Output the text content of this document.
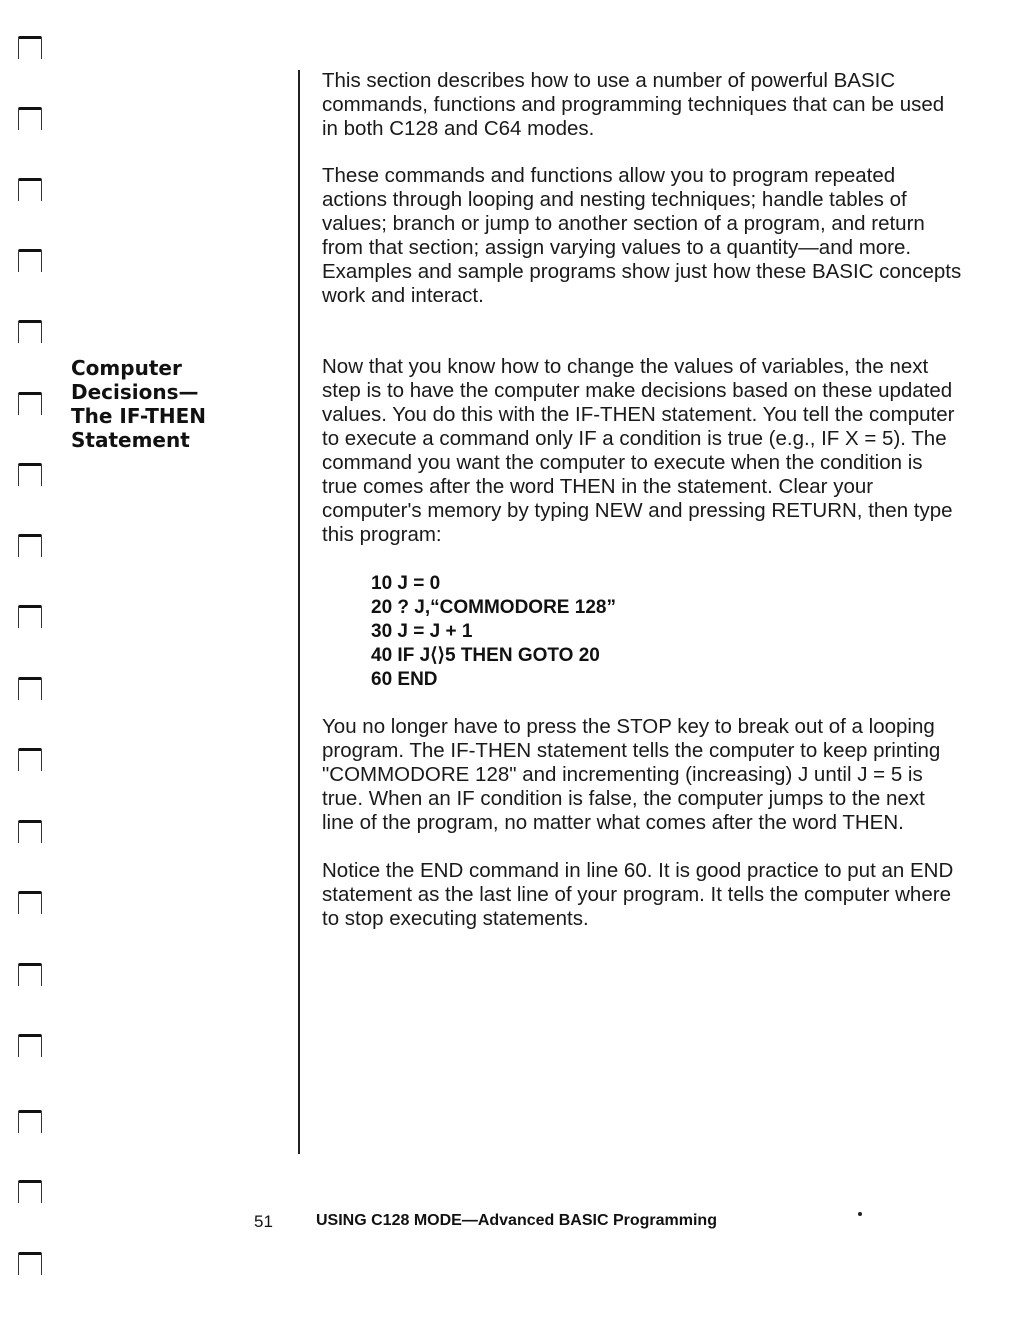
Computer
Decisions—
The IF-THEN
Statement

This section describes how to use a number of powerful BASIC commands, functions and programming techniques that can be used in both C128 and C64 modes.

These commands and functions allow you to program repeated actions through looping and nesting techniques; handle tables of values; branch or jump to another section of a program, and return from that section; assign varying values to a quantity—and more. Examples and sample programs show just how these BASIC concepts work and interact.

Now that you know how to change the values of variables, the next step is to have the computer make decisions based on these updated values. You do this with the IF-THEN statement. You tell the computer to execute a command only IF a condition is true (e.g., IF X = 5). The command you want the computer to execute when the condition is true comes after the word THEN in the statement. Clear your computer's memory by typing NEW and pressing RETURN, then type this program:

10 J = 0
20 ? J,“COMMODORE 128”
30 J = J + 1
40 IF J⟨⟩5 THEN GOTO 20
60 END

You no longer have to press the STOP key to break out of a looping program. The IF-THEN statement tells the computer to keep printing "COMMODORE 128" and incrementing (increasing) J until J = 5 is true. When an IF condition is false, the computer jumps to the next line of the program, no matter what comes after the word THEN.

Notice the END command in line 60. It is good practice to put an END statement as the last line of your program. It tells the computer where to stop executing statements.

51	USING C128 MODE—Advanced BASIC Programming
